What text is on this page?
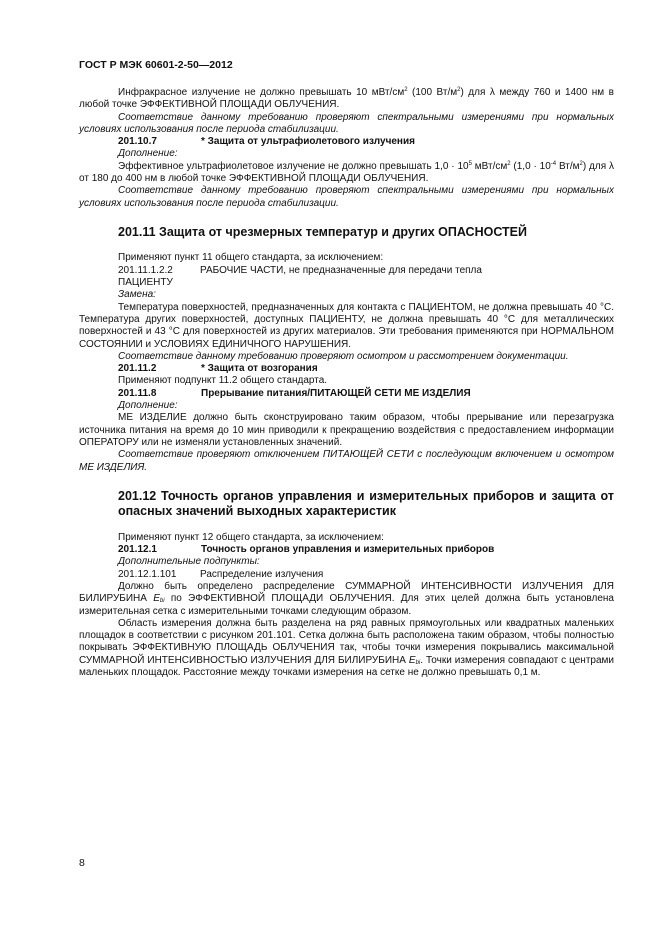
ГОСТ Р МЭК 60601-2-50—2012

Инфракрасное излучение не должно превышать 10 мВт/$см^2$ (100 $Вт/м^2$) для λ между 760 и 1400 нм в любой точке ЭФФЕКТИВНОЙ ПЛОЩАДИ ОБЛУЧЕНИЯ.

Соответствие данному требованию проверяют спектральными измерениями при нормальных условиях использования после периода стабилизации.

201.10.7	* Защита от ультрафиолетового излучения

Дополнение:

Эффективное ультрафиолетовое излучение не должно превышать $1,0 \cdot 10^5$ мВт/$см^2$ ($1,0 \cdot 10^{-4}$ $Вт/м^2$) для λ от 180 до 400 нм в любой точке ЭФФЕКТИВНОЙ ПЛОЩАДИ ОБЛУЧЕНИЯ.

Соответствие данному требованию проверяют спектральными измерениями при нормальных условиях использования после периода стабилизации.

201.11 Защита от чрезмерных температур и других ОПАСНОСТЕЙ

Применяют пункт 11 общего стандарта, за исключением:

201.11.1.2.2	РАБОЧИЕ ЧАСТИ, не предназначенные для передачи тепла

ПАЦИЕНТУ

Замена:

Температура поверхностей, предназначенных для контакта с ПАЦИЕНТОМ, не должна превышать 40 °С. Температура других поверхностей, доступных ПАЦИЕНТУ, не должна превышать 40 °С для металлических поверхностей и 43 °С для поверхностей из других материалов. Эти требования применяются при НОРМАЛЬНОМ СОСТОЯНИИ и УСЛОВИЯХ ЕДИНИЧНОГО НАРУШЕНИЯ.

Соответствие данному требованию проверяют осмотром и рассмотрением документации.

201.11.2	* Защита от возгорания

Применяют подпункт 11.2 общего стандарта.

201.11.8	Прерывание питания/ПИТАЮЩЕЙ СЕТИ МЕ ИЗДЕЛИЯ

Дополнение:

МЕ ИЗДЕЛИЕ должно быть сконструировано таким образом, чтобы прерывание или перезагрузка источника питания на время до 10 мин приводили к прекращению воздействия с предоставлением информации ОПЕРАТОРУ или не изменяли установленных значений.

Соответствие проверяют отключением ПИТАЮЩЕЙ СЕТИ с последующим включением и осмотром МЕ ИЗДЕЛИЯ.

201.12 Точность органов управления и измерительных приборов и защита от опасных значений выходных характеристик

Применяют пункт 12 общего стандарта, за исключением:

201.12.1	Точность органов управления и измерительных приборов

Дополнительные подпункты:

201.12.1.101	Распределение излучения

Должно быть определено распределение СУММАРНОЙ ИНТЕНСИВНОСТИ ИЗЛУЧЕНИЯ ДЛЯ БИЛИРУБИНА $E_{bi}$ по ЭФФЕКТИВНОЙ ПЛОЩАДИ ОБЛУЧЕНИЯ. Для этих целей должна быть установлена измерительная сетка с измерительными точками следующим образом.

Область измерения должна быть разделена на ряд равных прямоугольных или квадратных маленьких площадок в соответствии с рисунком 201.101. Сетка должна быть расположена таким образом, чтобы полностью покрывать ЭФФЕКТИВНУЮ ПЛОЩАДЬ ОБЛУЧЕНИЯ так, чтобы точки измерения покрывались максимальной СУММАРНОЙ ИНТЕНСИВНОСТЬЮ ИЗЛУЧЕНИЯ ДЛЯ БИЛИРУБИНА $E_{bi}$. Точки измерения совпадают с центрами маленьких площадок. Расстояние между точками измерения на сетке не должно превышать 0,1 м.

8
